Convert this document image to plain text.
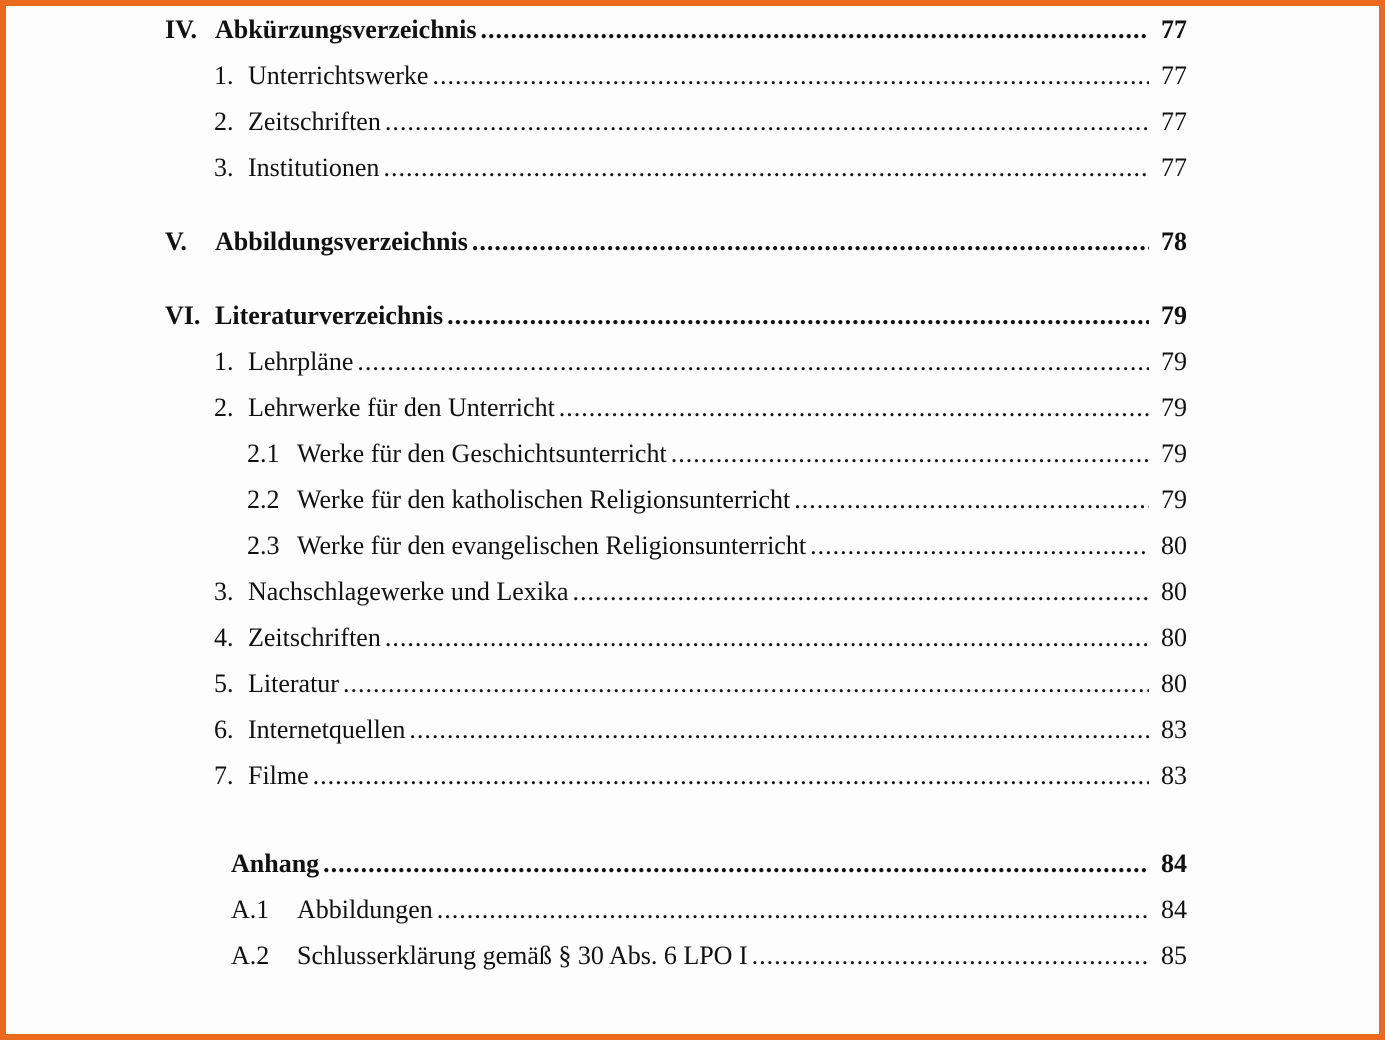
IV. Abkürzungsverzeichnis .....	77
1. Unterrichtswerke .....	77
2. Zeitschriften .....	77
3. Institutionen .....	77
V.	Abbildungsverzeichnis .....	78
VI. Literaturverzeichnis .....	79
1. Lehrpläne .....	79
2. Lehrwerke für den Unterricht .....	79
2.1 Werke für den Geschichtsunterricht .....	79
2.2 Werke für den katholischen Religionsunterricht .....	79
2.3 Werke für den evangelischen Religionsunterricht .....	80
3. Nachschlagewerke und Lexika .....	80
4. Zeitschriften .....	80
5. Literatur .....	80
6. Internetquellen .....	83
7. Filme .....	83
Anhang .....	84
A.1	Abbildungen .....	84
A.2	Schlusserklärung gemäß § 30 Abs. 6 LPO I .....	85
